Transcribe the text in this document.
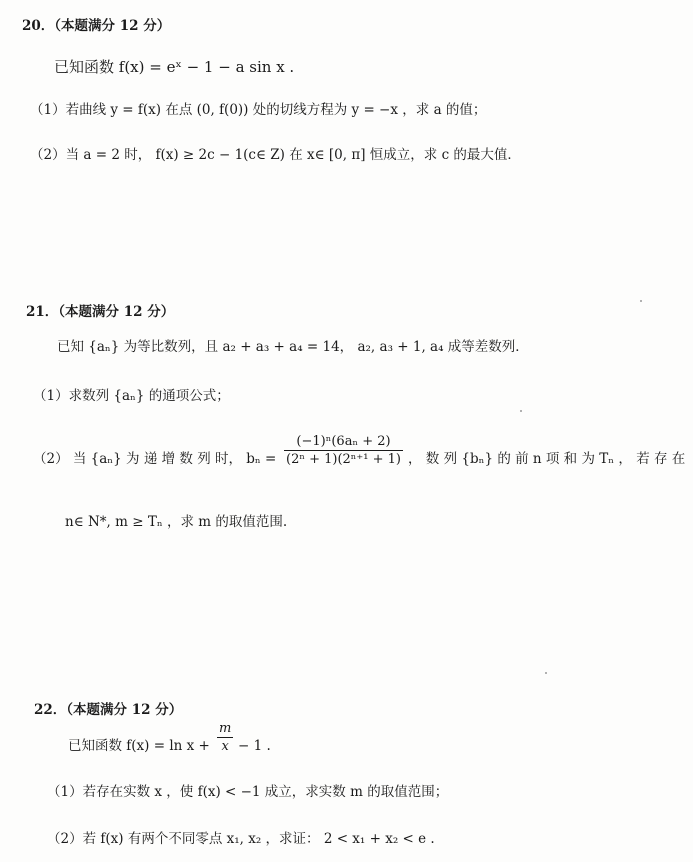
20．（本题满分 12 分）
已知函数 f(x) = eˣ − 1 − a sin x .
（1）若曲线 y = f(x) 在点 (0, f(0)) 处的切线方程为 y = −x ，求 a 的值；
（2）当 a = 2 时， f(x) ≥ 2c − 1(c∈ Z) 在 x∈ [0, π] 恒成立，求 c 的最大值．
21．（本题满分 12 分）
已知 {aₙ} 为等比数列，且 a₂ + a₃ + a₄ = 14， a₂, a₃ + 1, a₄ 成等差数列．
（1）求数列 {aₙ} 的通项公式；
（2） 当 {aₙ} 为 递 增 数 列 时， $b_n = \frac{\text{(−1)ⁿ(6aₙ + 2)}}{\text{(2ⁿ + 1)(2ⁿ⁺¹ + 1)}}$ ， 数 列 {bₙ} 的 前 n 项 和 为 Tₙ ， 若 存 在
n∈ N*, m ≥ Tₙ ，求 m 的取值范围.
22．（本题满分 12 分）
已知函数 $f(x) = \ln x + \frac{m}{x} - 1$ .
（1）若存在实数 x ，使 f(x) < −1 成立，求实数 m 的取值范围；
（2）若 f(x) 有两个不同零点 x₁, x₂ ，求证： 2 < x₁ + x₂ < e .
